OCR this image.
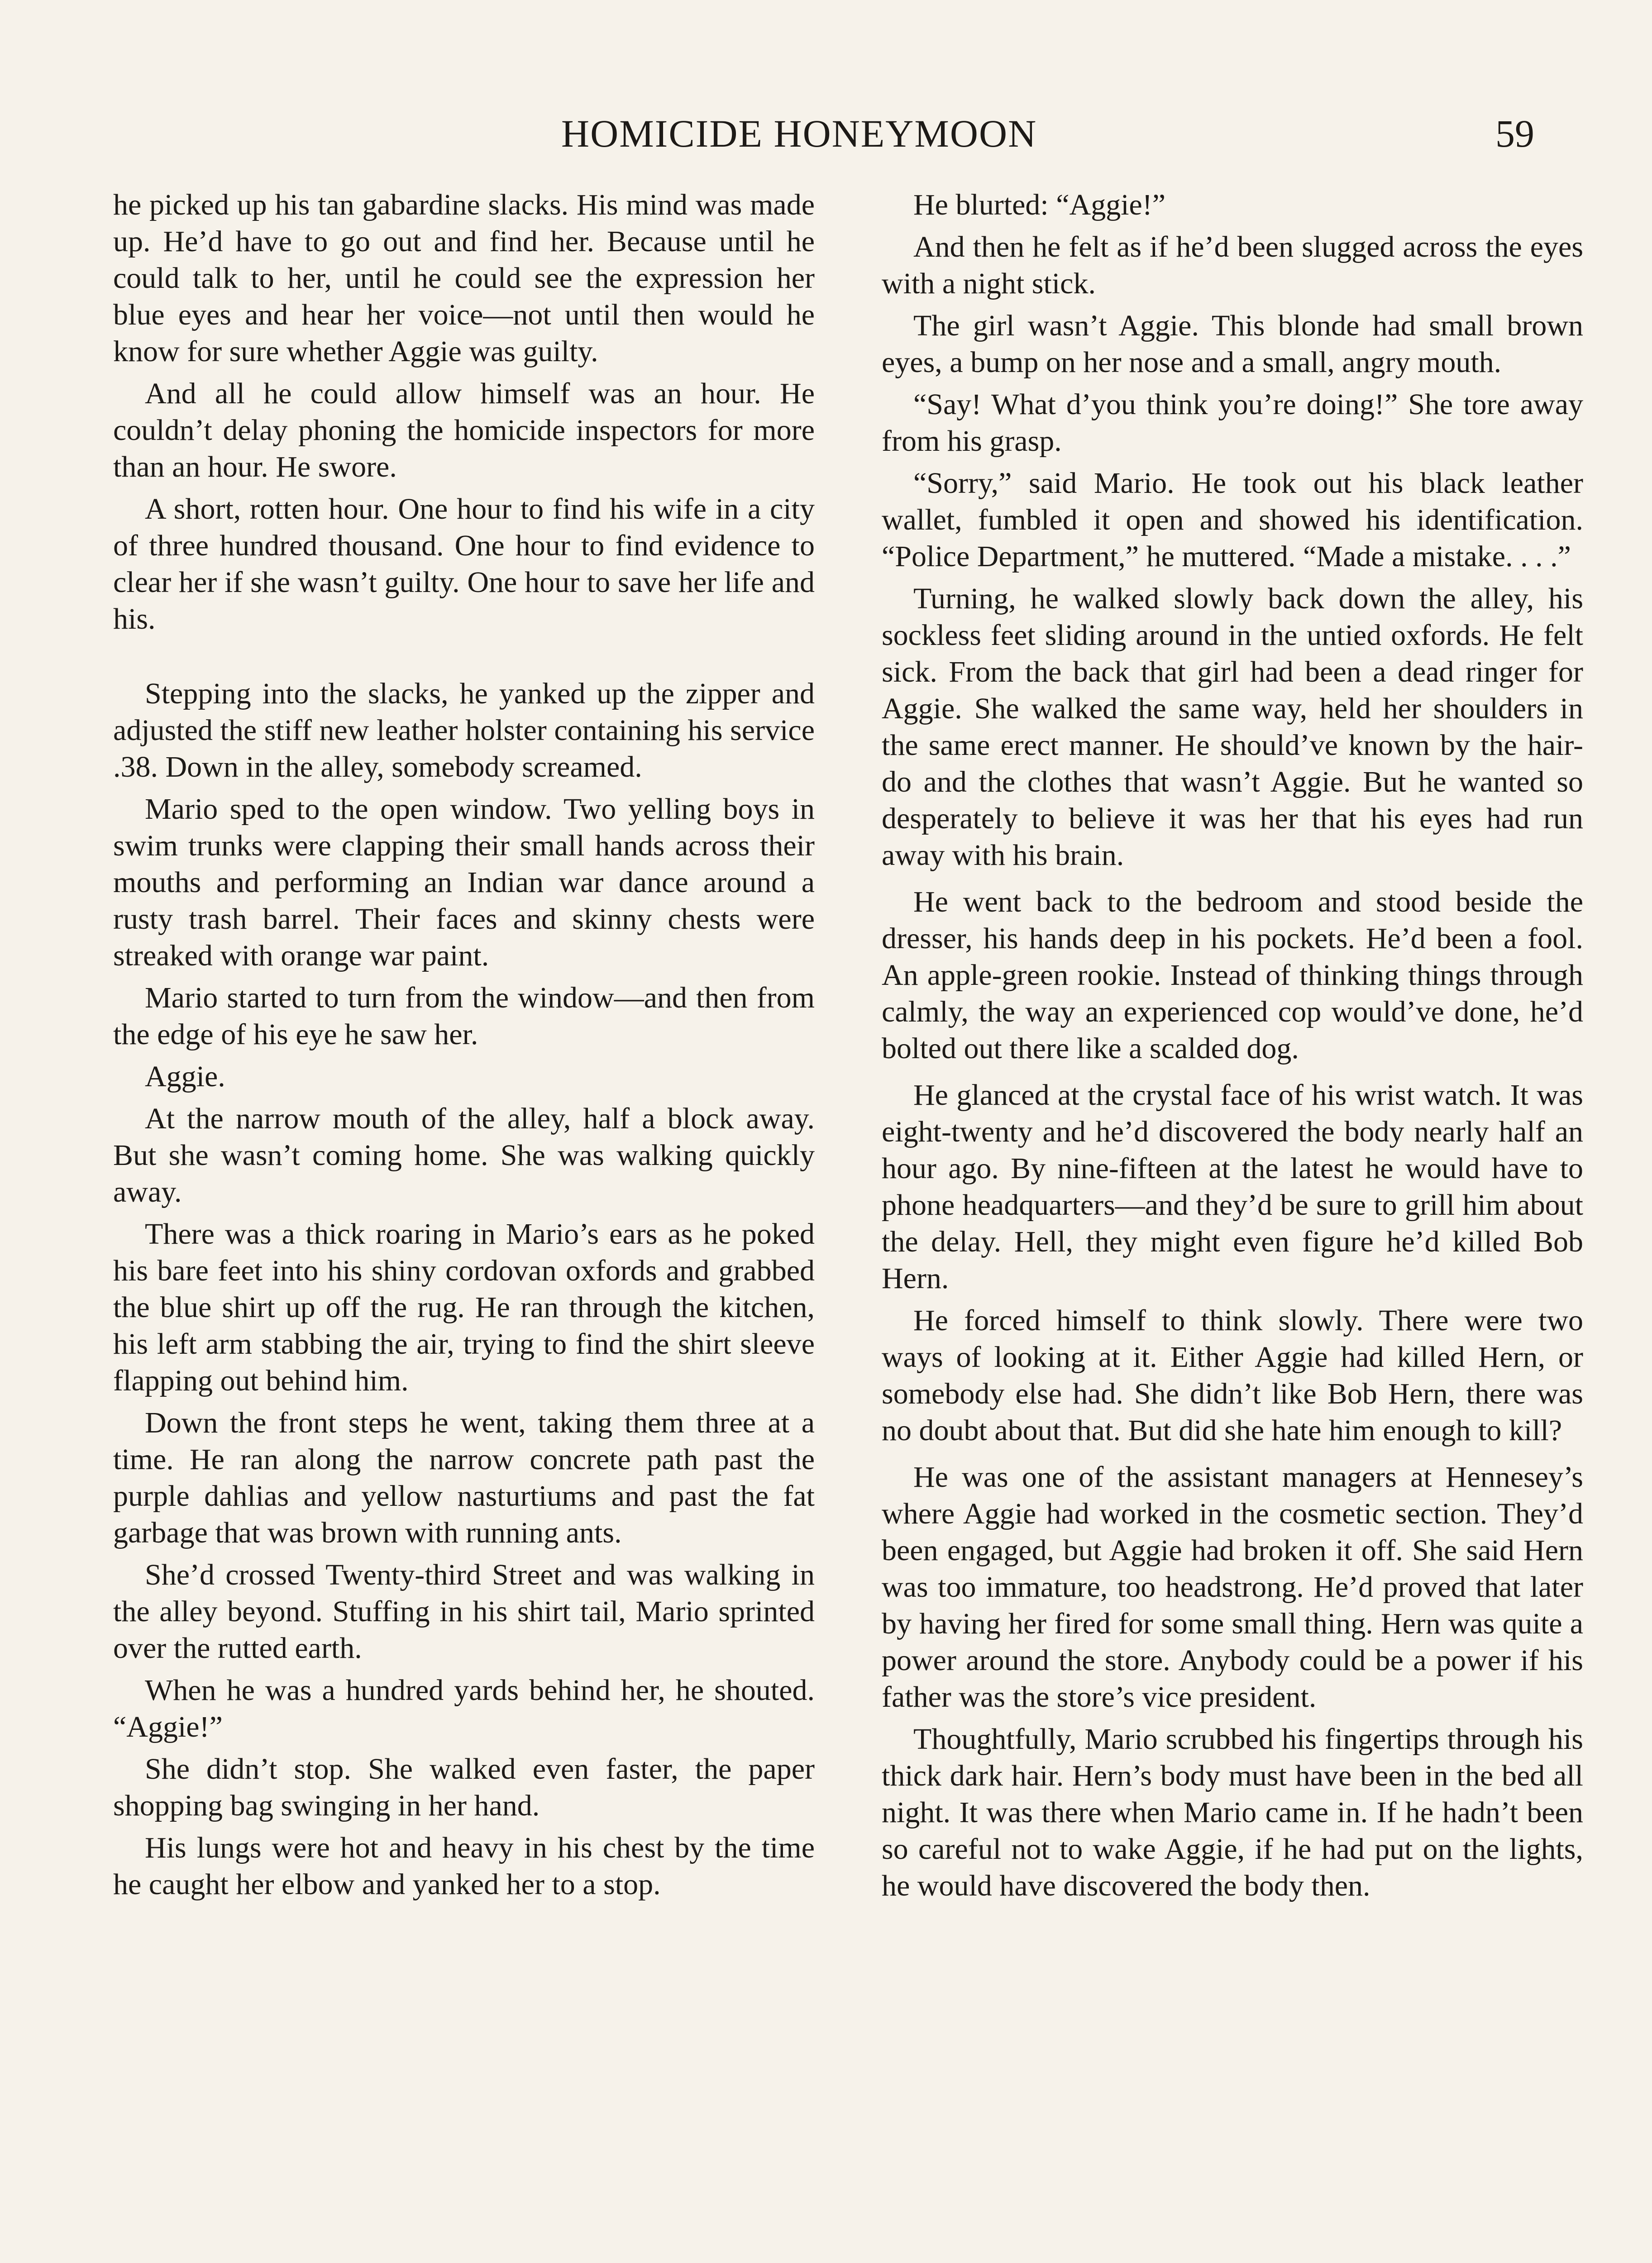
HOMICIDE HONEYMOON	59

he picked up his tan gabardine slacks. His mind was made up. He’d have to go out and find her. Because until he could talk to her, until he could see the expression her blue eyes and hear her voice—not until then would he know for sure whether Aggie was guilty.

And all he could allow himself was an hour. He couldn’t delay phoning the homicide inspectors for more than an hour. He swore.

A short, rotten hour. One hour to find his wife in a city of three hundred thousand. One hour to find evidence to clear her if she wasn’t guilty. One hour to save her life and his.

Stepping into the slacks, he yanked up the zipper and adjusted the stiff new leather holster containing his service .38. Down in the alley, somebody screamed.

Mario sped to the open window. Two yelling boys in swim trunks were clapping their small hands across their mouths and performing an Indian war dance around a rusty trash barrel. Their faces and skinny chests were streaked with orange war paint.

Mario started to turn from the window—and then from the edge of his eye he saw her.

Aggie.

At the narrow mouth of the alley, half a block away. But she wasn’t coming home. She was walking quickly away.

There was a thick roaring in Mario’s ears as he poked his bare feet into his shiny cordovan oxfords and grabbed the blue shirt up off the rug. He ran through the kitchen, his left arm stabbing the air, trying to find the shirt sleeve flapping out behind him.

Down the front steps he went, taking them three at a time. He ran along the narrow concrete path past the purple dahlias and yellow nasturtiums and past the fat garbage that was brown with running ants.

She’d crossed Twenty-third Street and was walking in the alley beyond. Stuffing in his shirt tail, Mario sprinted over the rutted earth.

When he was a hundred yards behind her, he shouted. “Aggie!”

She didn’t stop. She walked even faster, the paper shopping bag swinging in her hand.

His lungs were hot and heavy in his chest by the time he caught her elbow and yanked her to a stop.

He blurted: “Aggie!”

And then he felt as if he’d been slugged across the eyes with a night stick.

The girl wasn’t Aggie. This blonde had small brown eyes, a bump on her nose and a small, angry mouth.

“Say! What d’you think you’re doing!” She tore away from his grasp.

“Sorry,” said Mario. He took out his black leather wallet, fumbled it open and showed his identification. “Police Department,” he muttered. “Made a mistake. . . .”

Turning, he walked slowly back down the alley, his sockless feet sliding around in the untied oxfords. He felt sick. From the back that girl had been a dead ringer for Aggie. She walked the same way, held her shoulders in the same erect manner. He should’ve known by the hair-do and the clothes that wasn’t Aggie. But he wanted so desperately to believe it was her that his eyes had run away with his brain.

He went back to the bedroom and stood beside the dresser, his hands deep in his pockets. He’d been a fool. An apple-green rookie. Instead of thinking things through calmly, the way an experienced cop would’ve done, he’d bolted out there like a scalded dog.

He glanced at the crystal face of his wrist watch. It was eight-twenty and he’d discovered the body nearly half an hour ago. By nine-fifteen at the latest he would have to phone headquarters—and they’d be sure to grill him about the delay. Hell, they might even figure he’d killed Bob Hern.

He forced himself to think slowly. There were two ways of looking at it. Either Aggie had killed Hern, or somebody else had. She didn’t like Bob Hern, there was no doubt about that. But did she hate him enough to kill?

He was one of the assistant managers at Hennesey’s where Aggie had worked in the cosmetic section. They’d been engaged, but Aggie had broken it off. She said Hern was too immature, too headstrong. He’d proved that later by having her fired for some small thing. Hern was quite a power around the store. Anybody could be a power if his father was the store’s vice president.

Thoughtfully, Mario scrubbed his fingertips through his thick dark hair. Hern’s body must have been in the bed all night. It was there when Mario came in. If he hadn’t been so careful not to wake Aggie, if he had put on the lights, he would have discovered the body then.
